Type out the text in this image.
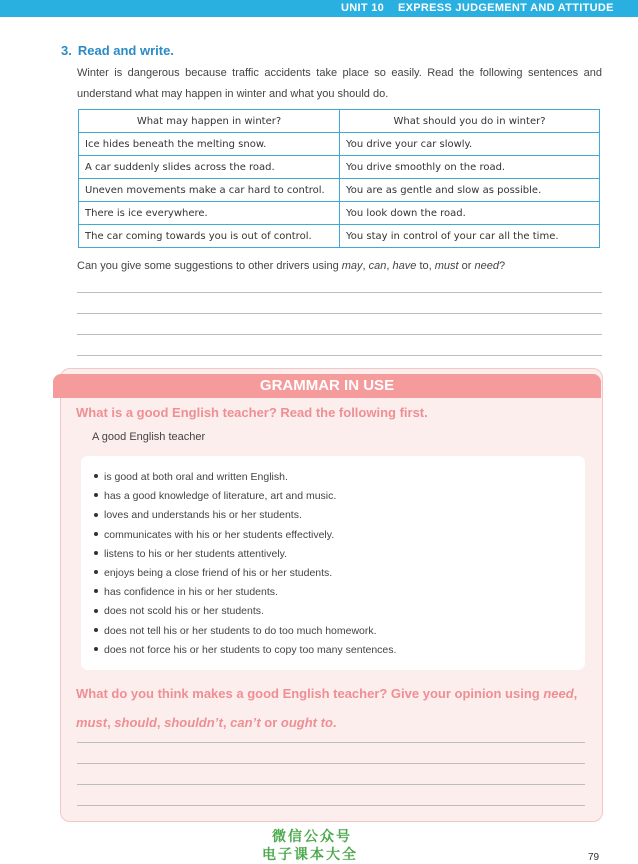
UNIT 10 EXPRESS JUDGEMENT AND ATTITUDE
3. Read and write.
Winter is dangerous because traffic accidents take place so easily. Read the following sentences and understand what may happen in winter and what you should do.
What may happen in winter?	What should you do in winter?
Ice hides beneath the melting snow.	You drive your car slowly.
A car suddenly slides across the road.	You drive smoothly on the road.
Uneven movements make a car hard to control.	You are as gentle and slow as possible.
There is ice everywhere.	You look down the road.
The car coming towards you is out of control.	You stay in control of your car all the time.
Can you give some suggestions to other drivers using may, can, have to, must or need?
GRAMMAR IN USE
What is a good English teacher? Read the following first.
A good English teacher
is good at both oral and written English.
has a good knowledge of literature, art and music.
loves and understands his or her students.
communicates with his or her students effectively.
listens to his or her students attentively.
enjoys being a close friend of his or her students.
has confidence in his or her students.
does not scold his or her students.
does not tell his or her students to do too much homework.
does not force his or her students to copy too many sentences.
What do you think makes a good English teacher? Give your opinion using need, must, should, shouldn’t, can’t or ought to.
微信公众号
电子课本大全	79
